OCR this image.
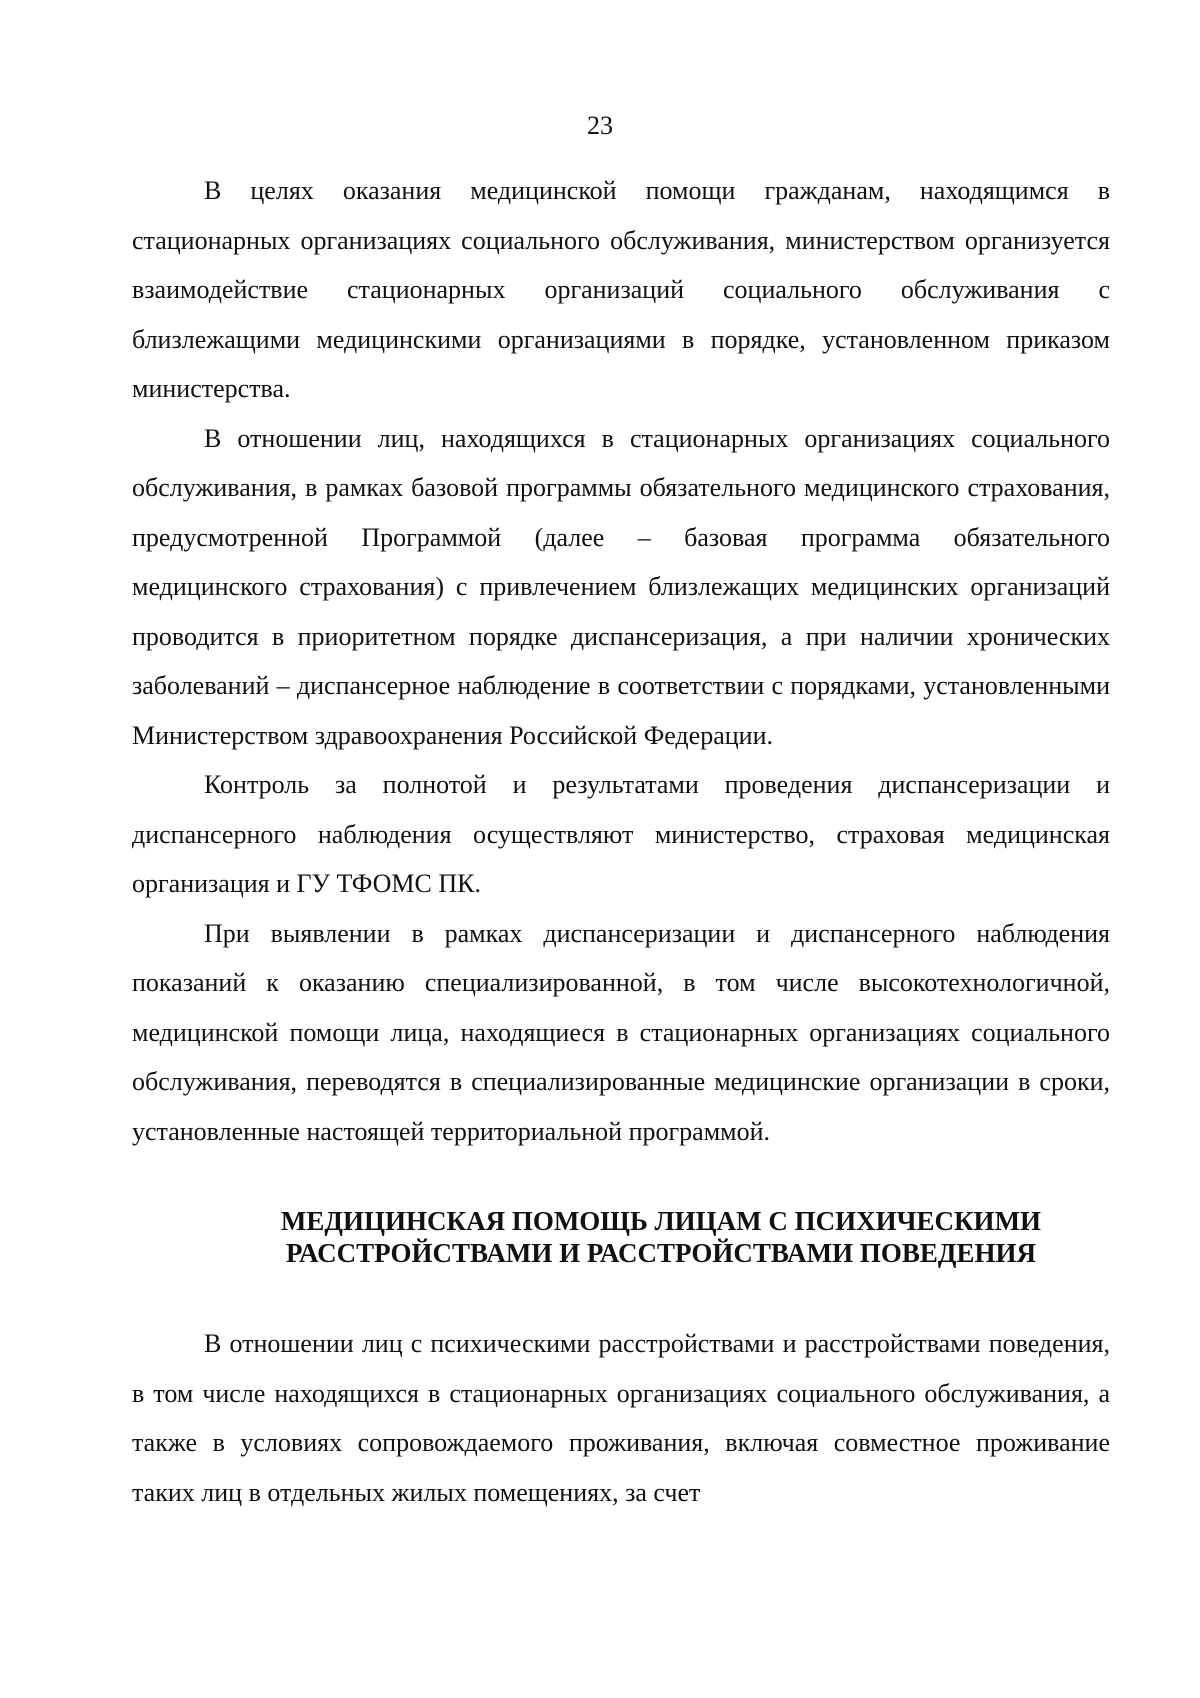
23

В целях оказания медицинской помощи гражданам, находящимся в стационарных организациях социального обслуживания, министерством организуется взаимодействие стационарных организаций социального обслуживания с близлежащими медицинскими организациями в порядке, установленном приказом министерства.

В отношении лиц, находящихся в стационарных организациях социального обслуживания, в рамках базовой программы обязательного медицинского страхования, предусмотренной Программой (далее – базовая программа обязательного медицинского страхования) с привлечением близлежащих медицинских организаций проводится в приоритетном порядке диспансеризация, а при наличии хронических заболеваний – диспансерное наблюдение в соответствии с порядками, установленными Министерством здравоохранения Российской Федерации.

Контроль за полнотой и результатами проведения диспансеризации и диспансерного наблюдения осуществляют министерство, страховая медицинская организация и ГУ ТФОМС ПК.

При выявлении в рамках диспансеризации и диспансерного наблюдения показаний к оказанию специализированной, в том числе высокотехнологичной, медицинской помощи лица, находящиеся в стационарных организациях социального обслуживания, переводятся в специализированные медицинские организации в сроки, установленные настоящей территориальной программой.

МЕДИЦИНСКАЯ ПОМОЩЬ ЛИЦАМ С ПСИХИЧЕСКИМИ
РАССТРОЙСТВАМИ И РАССТРОЙСТВАМИ ПОВЕДЕНИЯ

В отношении лиц с психическими расстройствами и расстройствами поведения, в том числе находящихся в стационарных организациях социального обслуживания, а также в условиях сопровождаемого проживания, включая совместное проживание таких лиц в отдельных жилых помещениях, за счет
